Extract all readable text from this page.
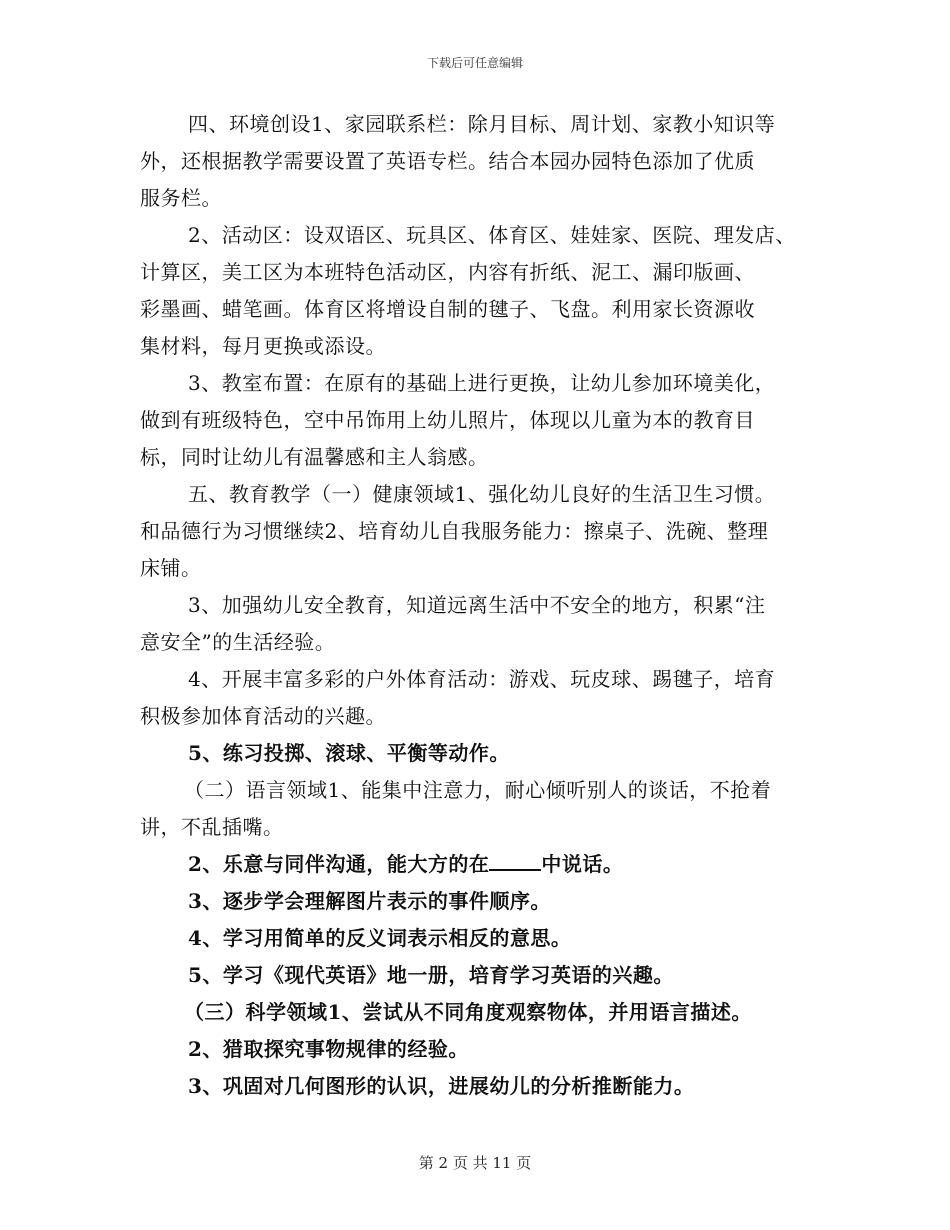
下载后可任意编辑
四、环境创设1、家园联系栏：除月目标、周计划、家教小知识等
外，还根据教学需要设置了英语专栏。结合本园办园特色添加了优质
服务栏。
2、活动区：设双语区、玩具区、体育区、娃娃家、医院、理发店、
计算区，美工区为本班特色活动区，内容有折纸、泥工、漏印版画、
彩墨画、蜡笔画。体育区将增设自制的毽子、飞盘。利用家长资源收
集材料，每月更换或添设。
3、教室布置：在原有的基础上进行更换，让幼儿参加环境美化，
做到有班级特色，空中吊饰用上幼儿照片，体现以儿童为本的教育目
标，同时让幼儿有温馨感和主人翁感。
五、教育教学（一）健康领域1、强化幼儿良好的生活卫生习惯。
和品德行为习惯继续2、培育幼儿自我服务能力：擦桌子、洗碗、整理
床铺。
3、加强幼儿安全教育，知道远离生活中不安全的地方，积累“注
意安全”的生活经验。
4、开展丰富多彩的户外体育活动：游戏、玩皮球、踢毽子，培育
积极参加体育活动的兴趣。
5、练习投掷、滚球、平衡等动作。
（二）语言领域1、能集中注意力，耐心倾听别人的谈话，不抢着
讲，不乱插嘴。
2、乐意与同伴沟通，能大方的在	中说话。
3、逐步学会理解图片表示的事件顺序。
4、学习用简单的反义词表示相反的意思。
5、学习《现代英语》地一册，培育学习英语的兴趣。
（三）科学领域1、尝试从不同角度观察物体，并用语言描述。
2、猎取探究事物规律的经验。
3、巩固对几何图形的认识，进展幼儿的分析推断能力。
第 2 页 共 11 页
